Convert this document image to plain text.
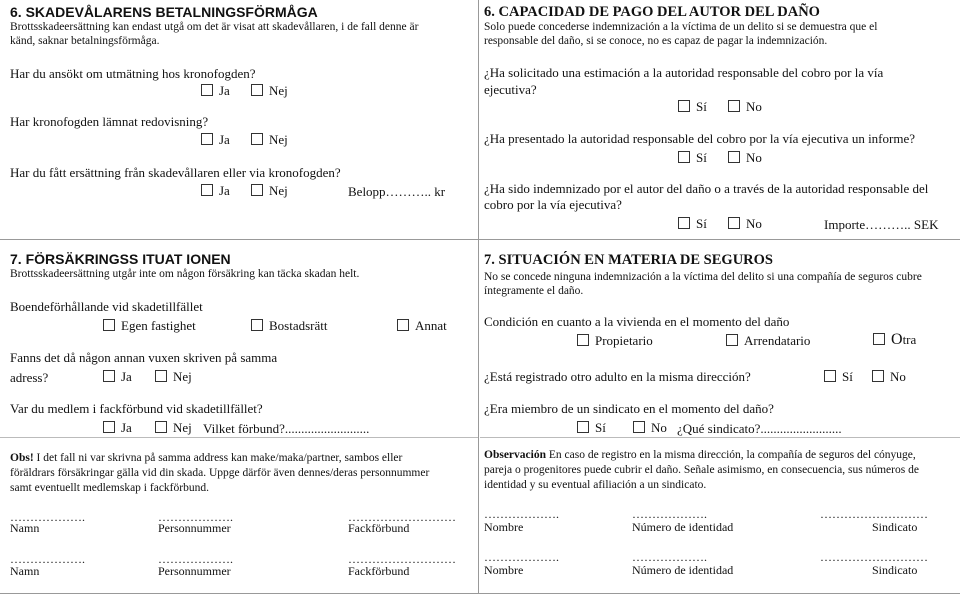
6. SKADEVÅLARENS BETALNINGSFÖRMÅGA
Brottsskadeersättning kan endast utgå om det är visat att skadevållaren, i de fall denne är
känd, saknar betalningsförmåga.
Har du ansökt om utmätning hos kronofogden?
Ja	Nej
Har kronofogden lämnat redovisning?
Ja	Nej
Har du fått ersättning från skadevållaren eller via kronofogden?
Ja	Nej	Belopp……….. kr
7. FÖRSÄKRINGSS ITUAT IONEN
Brottsskadeersättning utgår inte om någon försäkring kan täcka skadan helt.
Boendeförhållande vid skadetillfället
Egen fastighet	Bostadsrätt	Annat
Fanns det då någon annan vuxen skriven på samma
adress?	Ja	Nej
Var du medlem i fackförbund vid skadetillfället?
Ja	Nej Vilket förbund?..........................
Obs! I det fall ni var skrivna på samma address kan make/maka/partner, sambos eller
föräldrars försäkringar gälla vid din skada. Uppge därför även dennes/deras personnummer
samt eventuellt medlemskap i fackförbund.
……………….	……………….	………………………
Namn	Personnummer	Fackförbund
……………….	……………….	………………………
Namn	Personnummer	Fackförbund
6. CAPACIDAD DE PAGO DEL AUTOR DEL DAÑO
Solo puede concederse indemnización a la víctima de un delito si se demuestra que el
responsable del daño, si se conoce, no es capaz de pagar la indemnización.
¿Ha solicitado una estimación a la autoridad responsable del cobro por la vía
ejecutiva?
Sí	No
¿Ha presentado la autoridad responsable del cobro por la vía ejecutiva un informe?
Sí	No
¿Ha sido indemnizado por el autor del daño o a través de la autoridad responsable del
cobro por la vía ejecutiva?
Sí	No	Importe……….. SEK
7. SITUACIÓN EN MATERIA DE SEGUROS
No se concede ninguna indemnización a la víctima del delito si una compañía de seguros cubre
íntegramente el daño.
Condición en cuanto a la vivienda en el momento del daño
Propietario	Arrendatario	Otra
¿Está registrado otro adulto en la misma dirección?	Sí	No
¿Era miembro de un sindicato en el momento del daño?
Sí	No ¿Qué sindicato?.........................
Observación En caso de registro en la misma dirección, la compañía de seguros del cónyuge,
pareja o progenitores puede cubrir el daño. Señale asimismo, en consecuencia, sus números de
identidad y su eventual afiliación a un sindicato.
……………….	……………….	………………………
Nombre	Número de identidad	Sindicato
……………….	……………….	………………………
Nombre	Número de identidad	Sindicato
